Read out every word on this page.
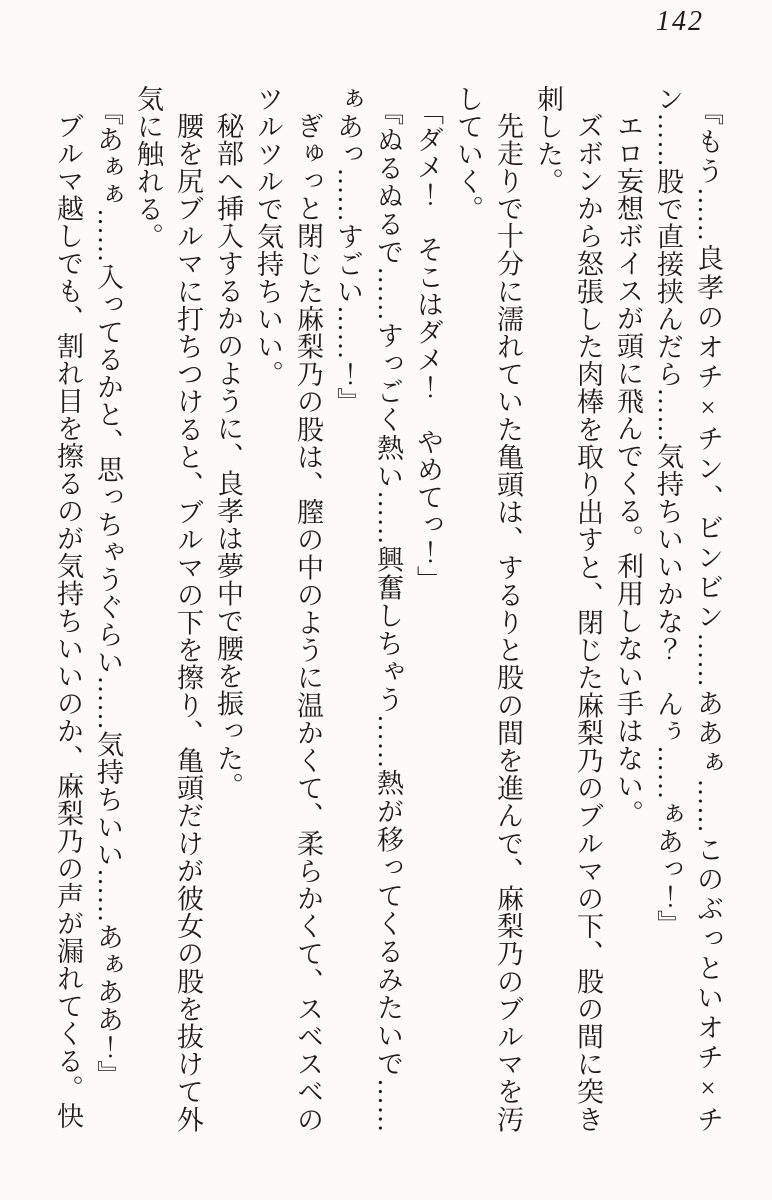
142

『もう……良孝のオチ×チン、ビンビン……ああぁ……このぶっといオチ×チン……股で直接挟んだら……気持ちいいかな？　んぅ……ぁあっ！』

エロ妄想ボイスが頭に飛んでくる。利用しない手はない。

ズボンから怒張した肉棒を取り出すと、閉じた麻梨乃のブルマの下、股の間に突き刺した。

先走りで十分に濡れていた亀頭は、するりと股の間を進んで、麻梨乃のブルマを汚していく。

「ダメ！　そこはダメ！　やめてっ！」

『ぬるぬるで……すっごく熱い……興奮しちゃう……熱が移ってくるみたいで……ぁあっ……すごい……！』

ぎゅっと閉じた麻梨乃の股は、膣の中のように温かくて、柔らかくて、スベスベのツルツルで気持ちいい。

秘部へ挿入するかのように、良孝は夢中で腰を振った。

腰を尻ブルマに打ちつけると、ブルマの下を擦り、亀頭だけが彼女の股を抜けて外気に触れる。

『あぁぁ……入ってるかと、思っちゃうぐらい……気持ちいい……あぁああ！』

ブルマ越しでも、割れ目を擦るのが気持ちいいのか、麻梨乃の声が漏れてくる。快
